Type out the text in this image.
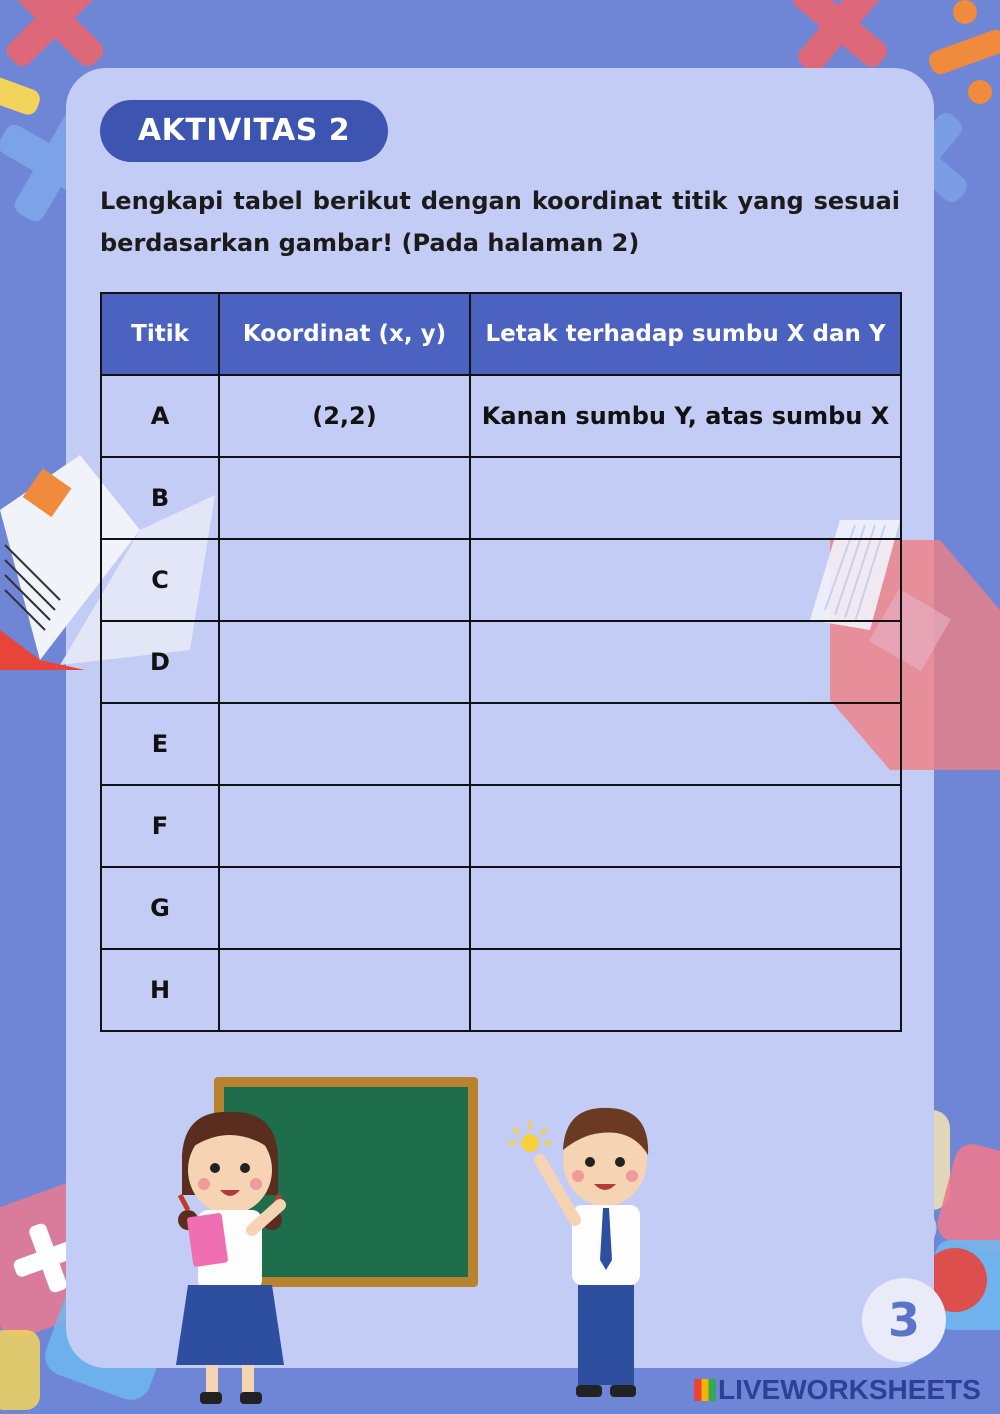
AKTIVITAS 2
Lengkapi tabel berikut dengan koordinat titik yang sesuai berdasarkan gambar! (Pada halaman 2)
Titik	Koordinat (x, y)	Letak terhadap sumbu X dan Y
A	(2,2)	Kanan sumbu Y, atas sumbu X
B		
C		
D		
E		
F		
G		
H		
3
LIVEWORKSHEETS
